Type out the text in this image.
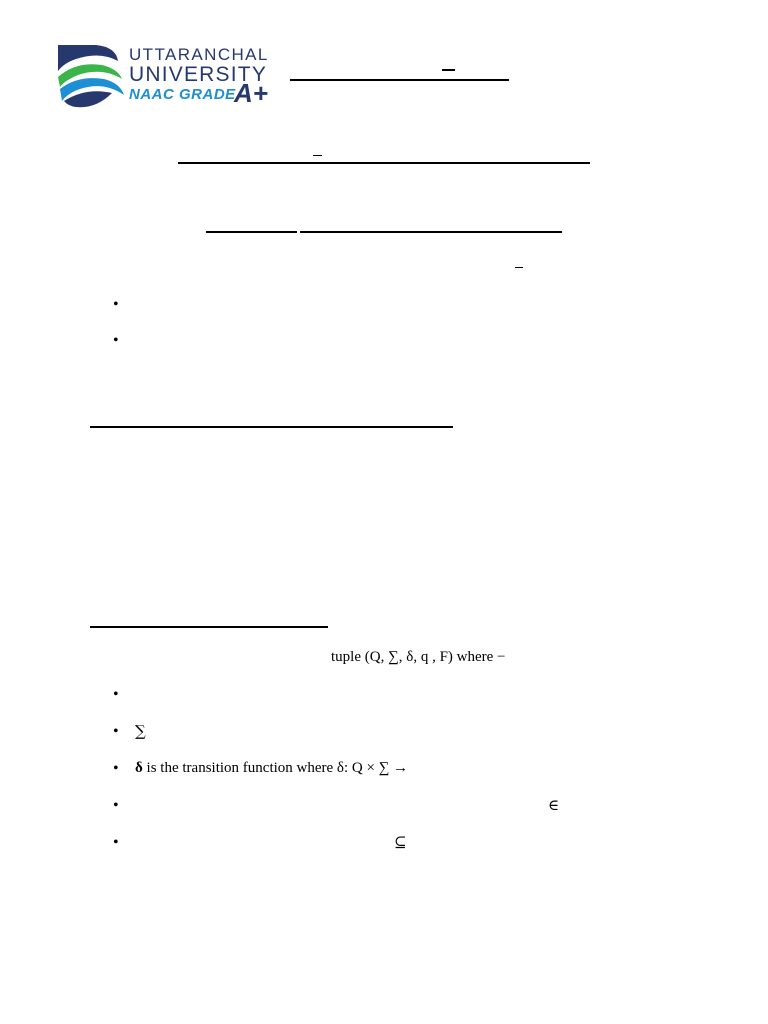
UTTARANCHAL
UNIVERSITY
NAAC GRADE
A+
•
•
tuple (Q, ∑, δ, q , F) where −
•
• ∑
• δ is the transition function where δ: Q × ∑ →
•	∈
•	⊆
